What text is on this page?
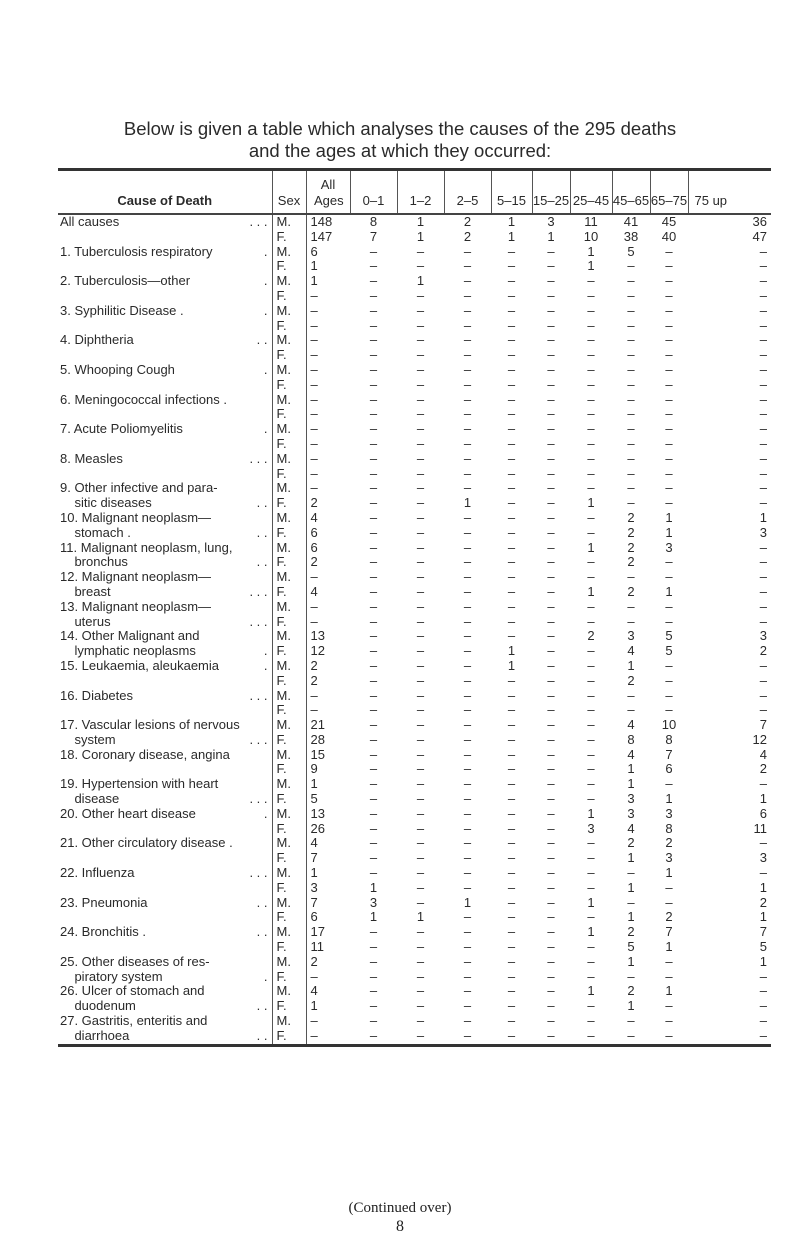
Below is given a table which analyses the causes of the 295 deaths
and the ages at which they occurred:
Cause of Death	Sex	All Ages	0–1	1–2	2–5	5–15	15–25	25–45	45–65	65–75	75 up

All causes . . .	M.	148	8	1	2	1	3	11	41	45	36

	F.	147	7	1	2	1	1	10	38	40	47

1. Tuberculosis respiratory .	M.	6	–	–	–	–	–	1	5	–	–

	F.	1	–	–	–	–	–	1	–	–	–

2. Tuberculosis—other .	M.	1	–	1	–	–	–	–	–	–	–

	F.	–	–	–	–	–	–	–	–	–	–

3. Syphilitic Disease . .	M.	–	–	–	–	–	–	–	–	–	–

	F.	–	–	–	–	–	–	–	–	–	–

4. Diphtheria . .	M.	–	–	–	–	–	–	–	–	–	–

	F.	–	–	–	–	–	–	–	–	–	–

5. Whooping Cough .	M.	–	–	–	–	–	–	–	–	–	–

	F.	–	–	–	–	–	–	–	–	–	–

6. Meningococcal infections .	M.	–	–	–	–	–	–	–	–	–	–

	F.	–	–	–	–	–	–	–	–	–	–

7. Acute Poliomyelitis .	M.	–	–	–	–	–	–	–	–	–	–

	F.	–	–	–	–	–	–	–	–	–	–

8. Measles . . .	M.	–	–	–	–	–	–	–	–	–	–

	F.	–	–	–	–	–	–	–	–	–	–

9. Other infective and para-	M.	–	–	–	–	–	–	–	–	–	–

sitic diseases . .	F.	2	–	–	1	–	–	1	–	–	–

10. Malignant neoplasm—	M.	4	–	–	–	–	–	–	2	1	1

stomach . . .	F.	6	–	–	–	–	–	–	2	1	3

11. Malignant neoplasm, lung,	M.	6	–	–	–	–	–	1	2	3	–

bronchus . .	F.	2	–	–	–	–	–	–	2	–	–

12. Malignant neoplasm—	M.	–	–	–	–	–	–	–	–	–	–

breast . . .	F.	4	–	–	–	–	–	1	2	1	–

13. Malignant neoplasm—	M.	–	–	–	–	–	–	–	–	–	–

uterus . . .	F.	–	–	–	–	–	–	–	–	–	–

14. Other Malignant and	M.	13	–	–	–	–	–	2	3	5	3

lymphatic neoplasms .	F.	12	–	–	–	1	–	–	4	5	2

15. Leukaemia, aleukaemia .	M.	2	–	–	–	1	–	–	1	–	–

	F.	2	–	–	–	–	–	–	2	–	–

16. Diabetes . . .	M.	–	–	–	–	–	–	–	–	–	–

	F.	–	–	–	–	–	–	–	–	–	–

17. Vascular lesions of nervous	M.	21	–	–	–	–	–	–	4	10	7

system . . .	F.	28	–	–	–	–	–	–	8	8	12

18. Coronary disease, angina	M.	15	–	–	–	–	–	–	4	7	4

	F.	9	–	–	–	–	–	–	1	6	2

19. Hypertension with heart	M.	1	–	–	–	–	–	–	1	–	–

disease . . .	F.	5	–	–	–	–	–	–	3	1	1

20. Other heart disease .	M.	13	–	–	–	–	–	1	3	3	6

	F.	26	–	–	–	–	–	3	4	8	11

21. Other circulatory disease .	M.	4	–	–	–	–	–	–	2	2	–

	F.	7	–	–	–	–	–	–	1	3	3

22. Influenza . . .	M.	1	–	–	–	–	–	–	–	1	–

	F.	3	1	–	–	–	–	–	1	–	1

23. Pneumonia . .	M.	7	3	–	1	–	–	1	–	–	2

	F.	6	1	1	–	–	–	–	1	2	1

24. Bronchitis . . .	M.	17	–	–	–	–	–	1	2	7	7

	F.	11	–	–	–	–	–	–	5	1	5

25. Other diseases of res-	M.	2	–	–	–	–	–	–	1	–	1

piratory system .	F.	–	–	–	–	–	–	–	–	–	–

26. Ulcer of stomach and	M.	4	–	–	–	–	–	1	2	1	–

duodenum . .	F.	1	–	–	–	–	–	–	1	–	–

27. Gastritis, enteritis and	M.	–	–	–	–	–	–	–	–	–	–

diarrhoea . .	F.	–	–	–	–	–	–	–	–	–	–
(Continued over)
8
